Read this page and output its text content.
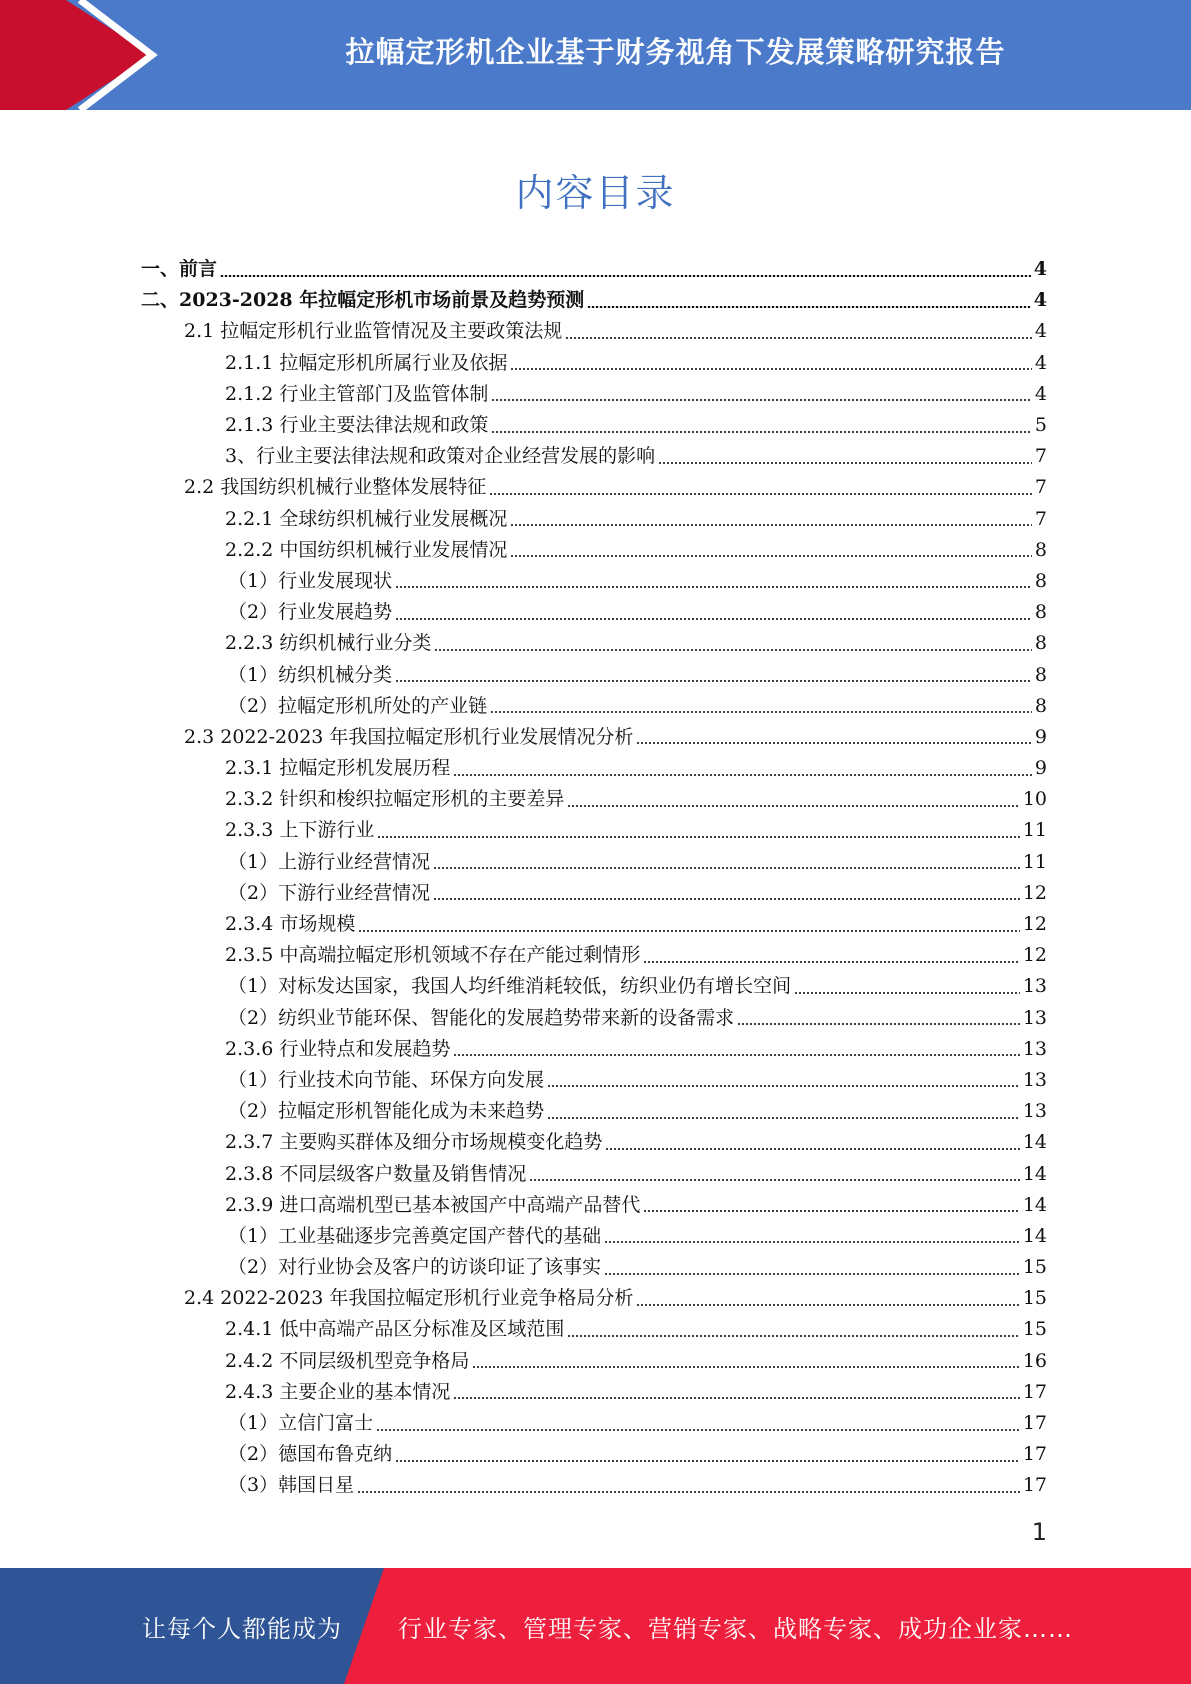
拉幅定形机企业基于财务视角下发展策略研究报告
内容目录
一、前言	4
二、2023-2028 年拉幅定形机市场前景及趋势预测	4
2.1 拉幅定形机行业监管情况及主要政策法规	4
2.1.1 拉幅定形机所属行业及依据	4
2.1.2 行业主管部门及监管体制	4
2.1.3 行业主要法律法规和政策	5
3、行业主要法律法规和政策对企业经营发展的影响	7
2.2 我国纺织机械行业整体发展特征	7
2.2.1 全球纺织机械行业发展概况	7
2.2.2 中国纺织机械行业发展情况	8
（1）行业发展现状	8
（2）行业发展趋势	8
2.2.3 纺织机械行业分类	8
（1）纺织机械分类	8
（2）拉幅定形机所处的产业链	8
2.3 2022-2023 年我国拉幅定形机行业发展情况分析	9
2.3.1 拉幅定形机发展历程	9
2.3.2 针织和梭织拉幅定形机的主要差异	10
2.3.3 上下游行业	11
（1）上游行业经营情况	11
（2）下游行业经营情况	12
2.3.4 市场规模	12
2.3.5 中高端拉幅定形机领域不存在产能过剩情形	12
（1）对标发达国家，我国人均纤维消耗较低，纺织业仍有增长空间	13
（2）纺织业节能环保、智能化的发展趋势带来新的设备需求	13
2.3.6 行业特点和发展趋势	13
（1）行业技术向节能、环保方向发展	13
（2）拉幅定形机智能化成为未来趋势	13
2.3.7 主要购买群体及细分市场规模变化趋势	14
2.3.8 不同层级客户数量及销售情况	14
2.3.9 进口高端机型已基本被国产中高端产品替代	14
（1）工业基础逐步完善奠定国产替代的基础	14
（2）对行业协会及客户的访谈印证了该事实	15
2.4 2022-2023 年我国拉幅定形机行业竞争格局分析	15
2.4.1 低中高端产品区分标准及区域范围	15
2.4.2 不同层级机型竞争格局	16
2.4.3 主要企业的基本情况	17
（1）立信门富士	17
（2）德国布鲁克纳	17
（3）韩国日星	17
1
让每个人都能成为 行业专家、管理专家、营销专家、战略专家、成功企业家……
